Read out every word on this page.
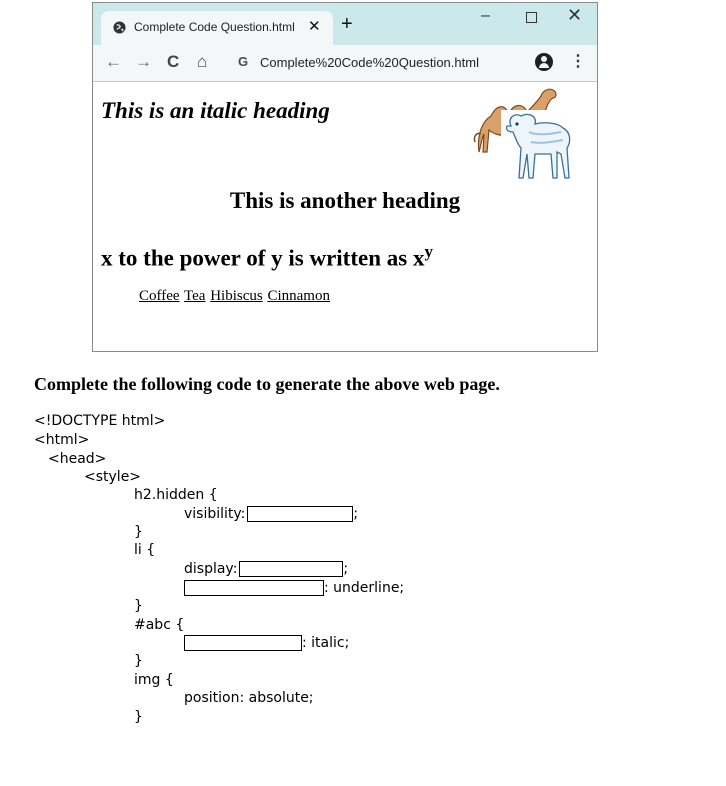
Complete Code Question.html ✕ +	–	✕
← → C ⌂ G Complete%20Code%20Question.html	⋮
This is an italic heading
This is another heading
x to the power of y is written as $x^y$
Coffee Tea Hibiscus Cinnamon
Complete the following code to generate the above web page.
<!DOCTYPE html>
<html>
<head>
<style>
h2.hidden {
visibility:	;
}
li {
display:	;
: underline;
}
#abc {
: italic;
}
img {
position: absolute;
}
